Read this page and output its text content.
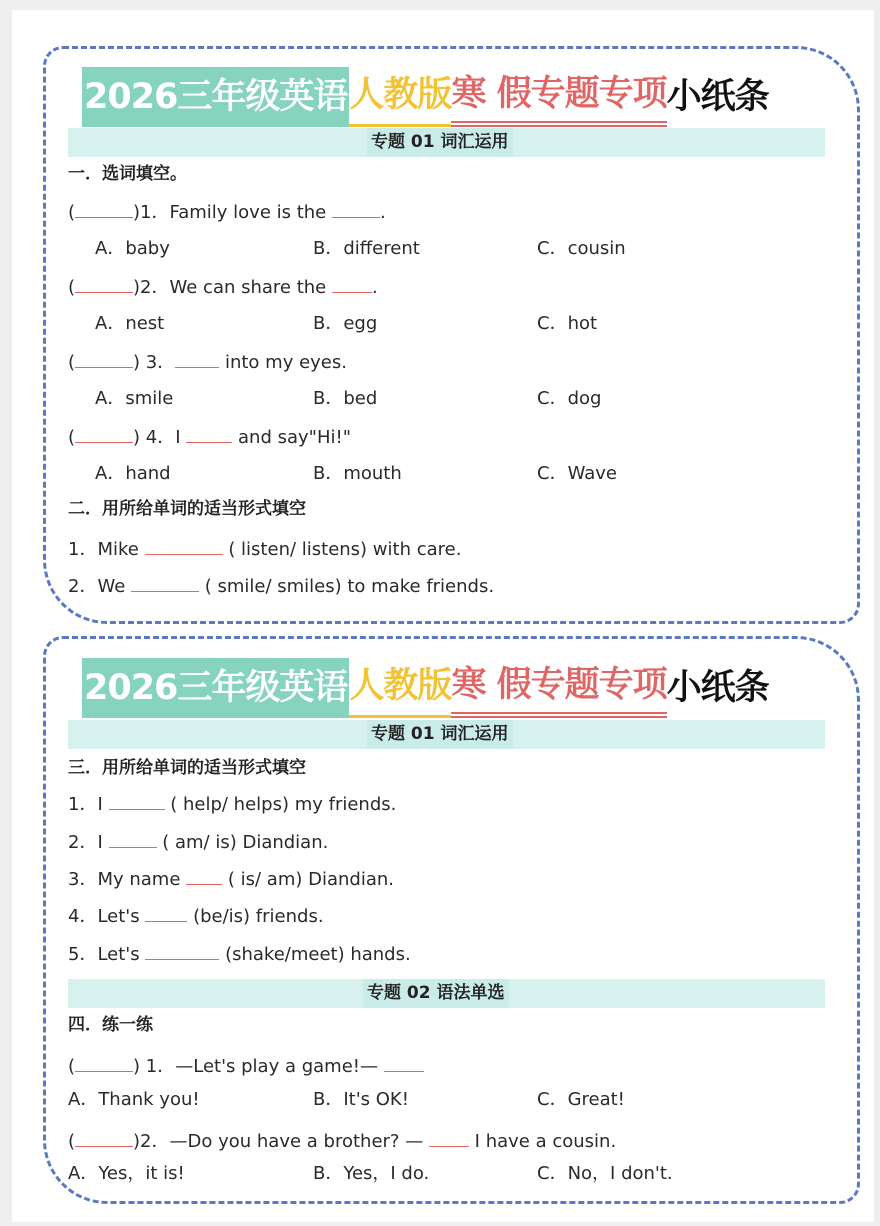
2026三年级英语 人教版 寒 假专题专项 小纸条
专题 01 词汇运用
一．选词填空。
(	)1．Family love is the	.
A．baby	B．different	C．cousin
(	)2．We can share the	.
A．nest	B．egg	C．hot
(	) 3．	into my eyes.
A．smile	B．bed	C．dog
(	) 4．I	and say"Hi!"
A．hand	B．mouth	C．Wave
二．用所给单词的适当形式填空
1．Mike	( listen/ listens) with care.
2．We	( smile/ smiles) to make friends.
2026三年级英语 人教版 寒 假专题专项 小纸条
专题 01 词汇运用
三．用所给单词的适当形式填空
1．I	( help/ helps) my friends.
2．I	( am/ is) Diandian.
3．My name	( is/ am) Diandian.
4．Let's	(be/is) friends.
5．Let's	(shake/meet) hands.
专题 02 语法单选
四．练一练
(	) 1．—Let's play a game!—
A．Thank you!	B．It's OK!	C．Great!
(	)2．—Do you have a brother? —	I have a cousin.
A．Yes，it is!	B．Yes，I do.	C．No，I don't.
